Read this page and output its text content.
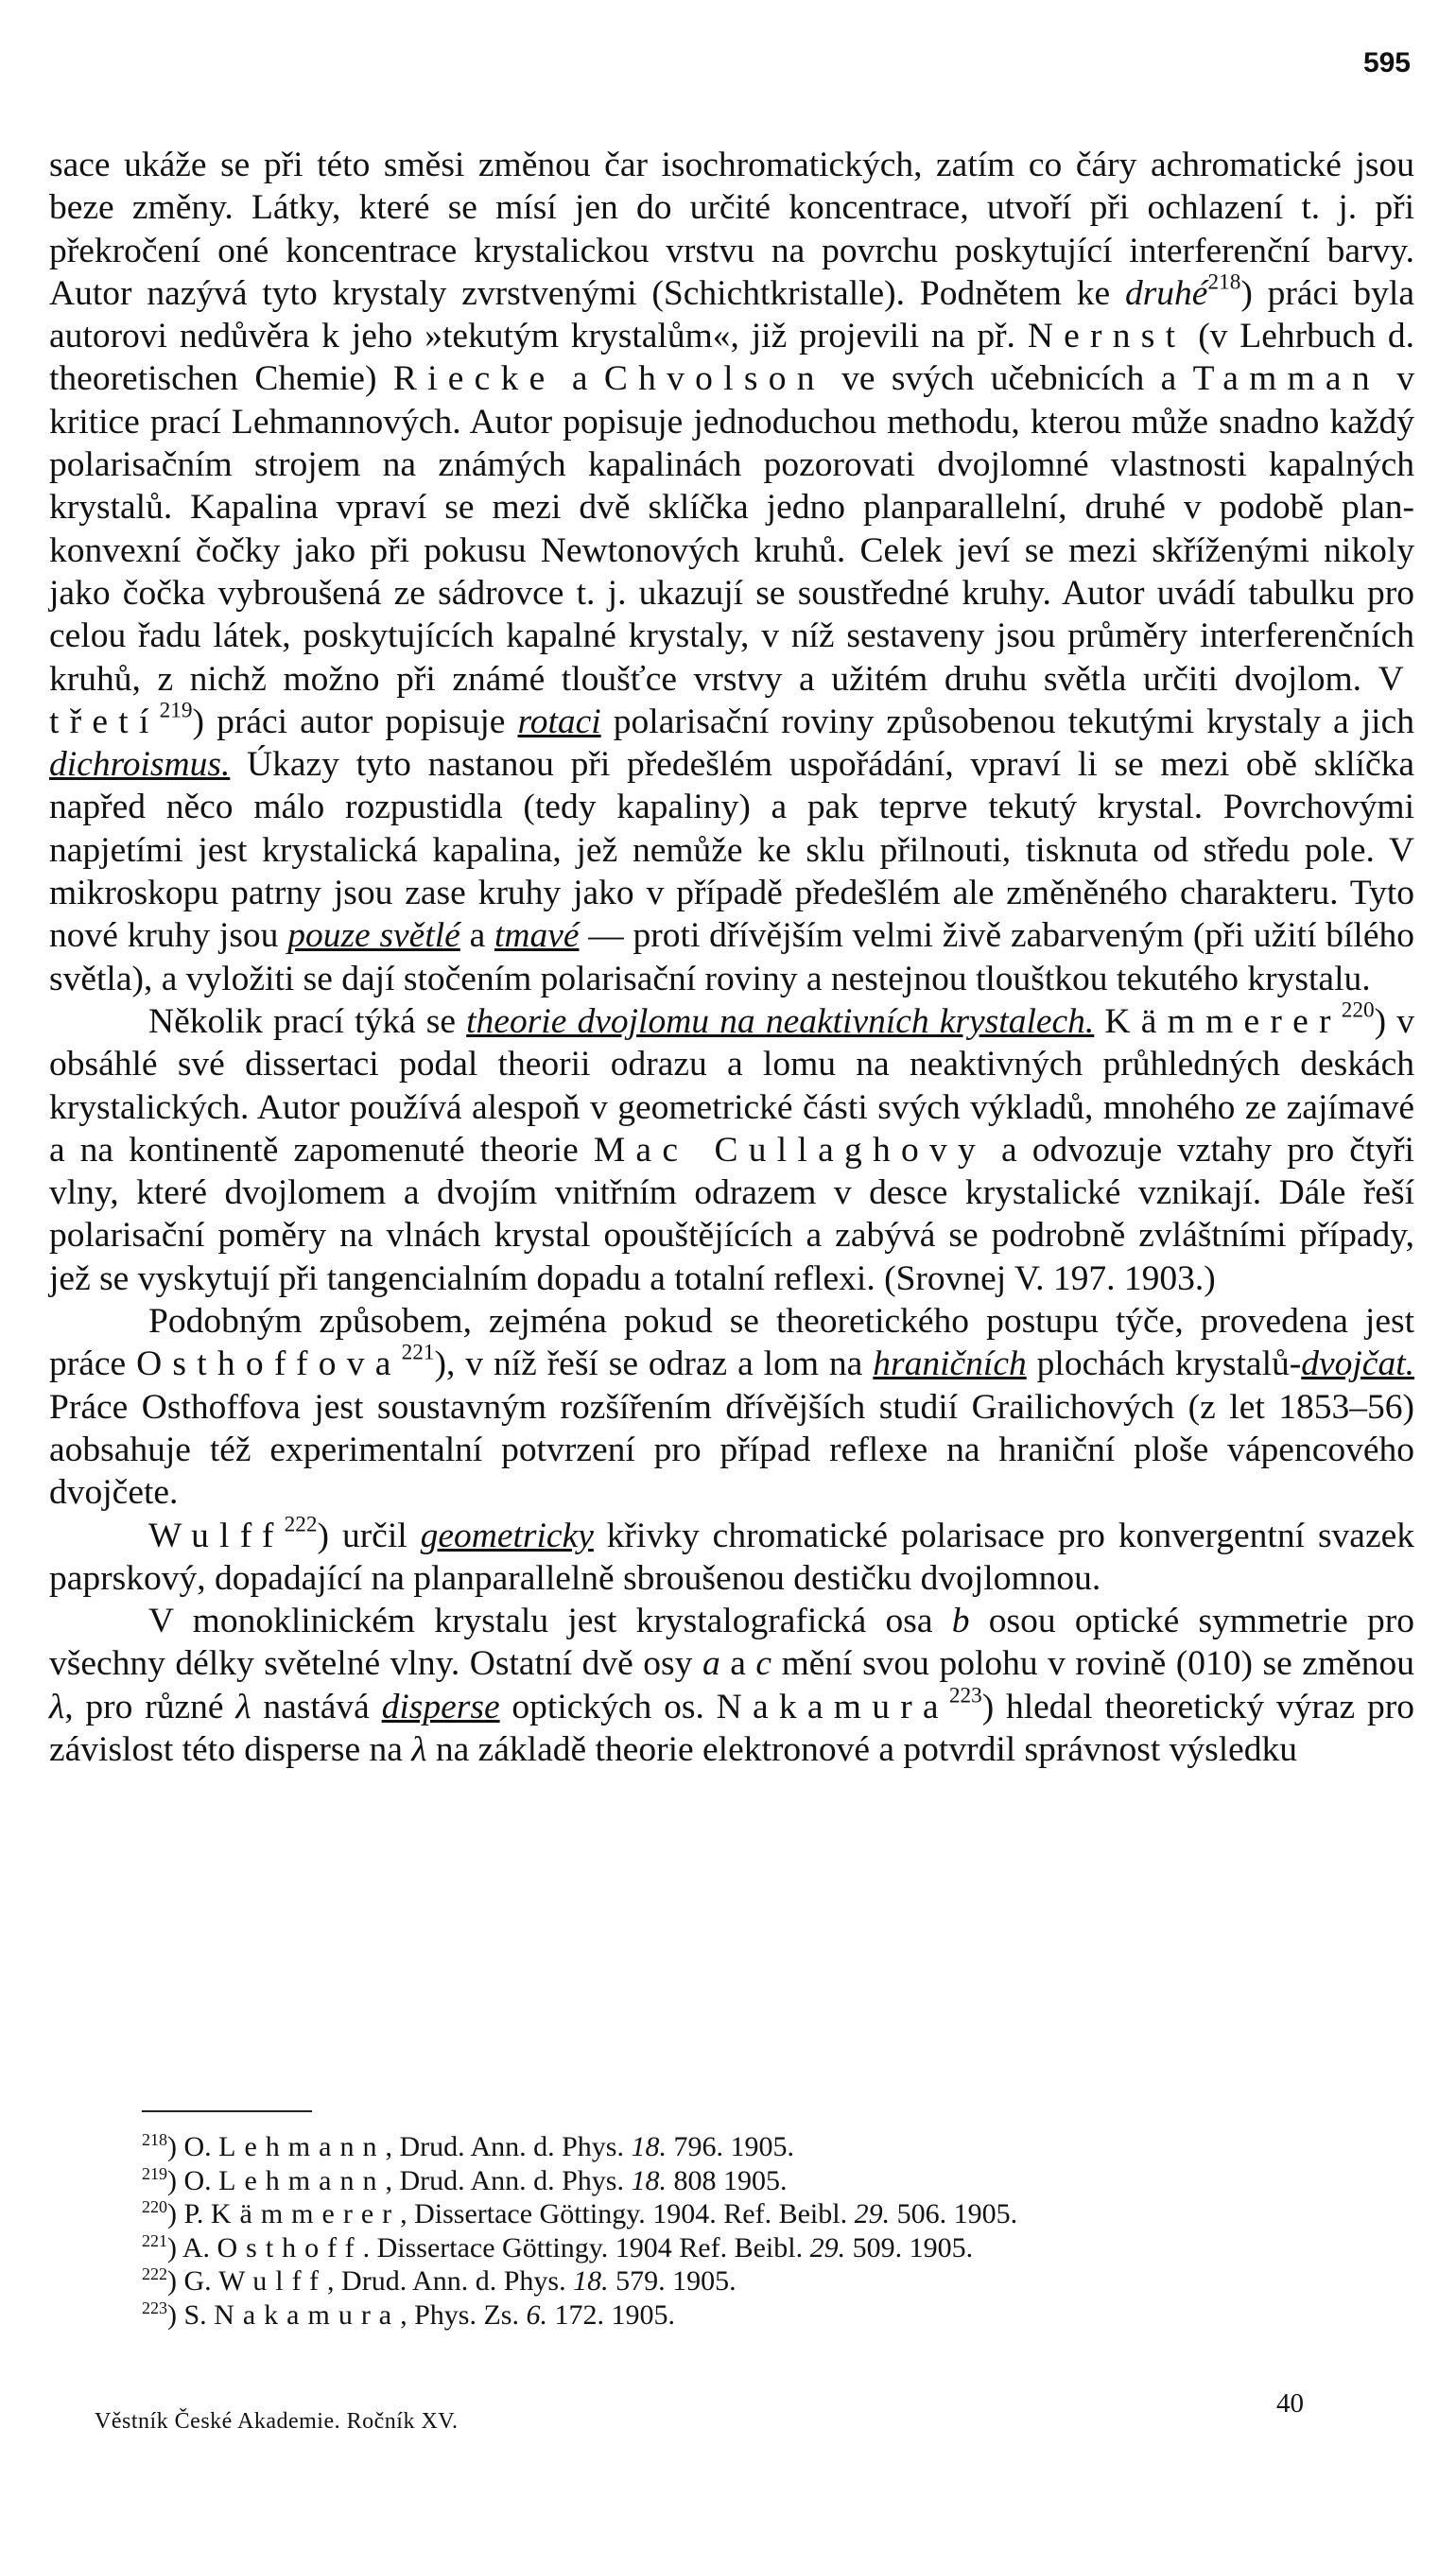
595

sace ukáže se při této směsi změnou čar isochromatických, zatím co čáry achromatické jsou beze změny. Látky, které se mísí jen do určité koncentrace, utvoří při ochlazení t. j. při překročení oné koncentrace krystalickou vrstvu na povrchu poskytující interferenční barvy. Autor nazývá tyto krystaly zvrstvenými (Schichtkristalle). Podnětem ke druhé$^{218}$) práci byla autorovi nedůvěra k jeho »tekutým krystalům«, již projevili na př. Nernst (v Lehrbuch d. theoretischen Chemie) Riecke a Chvolson ve svých učebnicích a Tamman v kritice prací Lehmannových. Autor popisuje jednoduchou methodu, kterou může snadno každý polarisačním strojem na známých kapalinách pozorovati dvojlomné vlastnosti kapalných krystalů. Kapalina vpraví se mezi dvě sklíčka jedno planparallelní, druhé v podobě plan-konvexní čočky jako při pokusu Newtonových kruhů. Celek jeví se mezi skříženými nikoly jako čočka vybroušená ze sádrovce t. j. ukazují se soustředné kruhy. Autor uvádí tabulku pro celou řadu látek, poskytujících kapalné krystaly, v níž sestaveny jsou průměry interferenčních kruhů, z nichž možno při známé tloušťce vrstvy a užitém druhu světla určiti dvojlom. V třetí$^{219}$) práci autor popisuje rotaci polarisační roviny způsobenou tekutými krystaly a jich dichroismus. Úkazy tyto nastanou při předešlém uspořádání, vpraví li se mezi obě sklíčka napřed něco málo rozpustidla (tedy kapaliny) a pak teprve tekutý krystal. Povrchovými napjetími jest krystalická kapalina, jež nemůže ke sklu přilnouti, tisknuta od středu pole. V mikroskopu patrny jsou zase kruhy jako v případě předešlém ale změněného charakteru. Tyto nové kruhy jsou pouze světlé a tmavé — proti dřívějším velmi živě zabarveným (při užití bílého světla), a vyložiti se dají stočením polarisační roviny a nestejnou tlouštkou tekutého krystalu.

Několik prací týká se theorie dvojlomu na neaktivních krystalech. Kämmerer$^{220}$) v obsáhlé své dissertaci podal theorii odrazu a lomu na neaktivných průhledných deskách krystalických. Autor používá alespoň v geometrické části svých výkladů, mnohého ze zajímavé a na kontinentě zapomenuté theorie Mac Cullaghovy a odvozuje vztahy pro čtyři vlny, které dvojlomem a dvojím vnitřním odrazem v desce krystalické vznikají. Dále řeší polarisační poměry na vlnách krystal opouštějících a zabývá se podrobně zvláštními případy, jež se vyskytují při tangencialním dopadu a totalní reflexi. (Srovnej V. 197. 1903.)

Podobným způsobem, zejména pokud se theoretického postupu týče, provedena jest práce Osthoffova$^{221}$), v níž řeší se odraz a lom na hraničních plochách krystalů-dvojčat. Práce Osthoffova jest soustavným rozšířením dřívějších studií Grailichových (z let 1853–56) aobsahuje též experimentalní potvrzení pro případ reflexe na hraniční ploše vápencového dvojčete.

Wulff$^{222}$) určil geometricky křivky chromatické polarisace pro konvergentní svazek paprskový, dopadající na planparallelně sbroušenou destičku dvojlomnou.

V monoklinickém krystalu jest krystalografická osa b osou optické symmetrie pro všechny délky světelné vlny. Ostatní dvě osy a a c mění svou polohu v rovině (010) se změnou λ, pro různé λ nastává disperse optických os. Nakamura$^{223}$) hledal theoretický výraz pro závislost této disperse na λ na základě theorie elektronové a potvrdil správnost výsledku

$^{218}$) O. Lehmann, Drud. Ann. d. Phys. 18. 796. 1905.
$^{219}$) O. Lehmann, Drud. Ann. d. Phys. 18. 808 1905.
$^{220}$) P. Kämmerer, Dissertace Göttingy. 1904. Ref. Beibl. 29. 506. 1905.
$^{221}$) A. Osthoff. Dissertace Göttingy. 1904 Ref. Beibl. 29. 509. 1905.
$^{222}$) G. Wulff, Drud. Ann. d. Phys. 18. 579. 1905.
$^{223}$) S. Nakamura, Phys. Zs. 6. 172. 1905.
Věstník České Akademie. Ročník XV.
40
